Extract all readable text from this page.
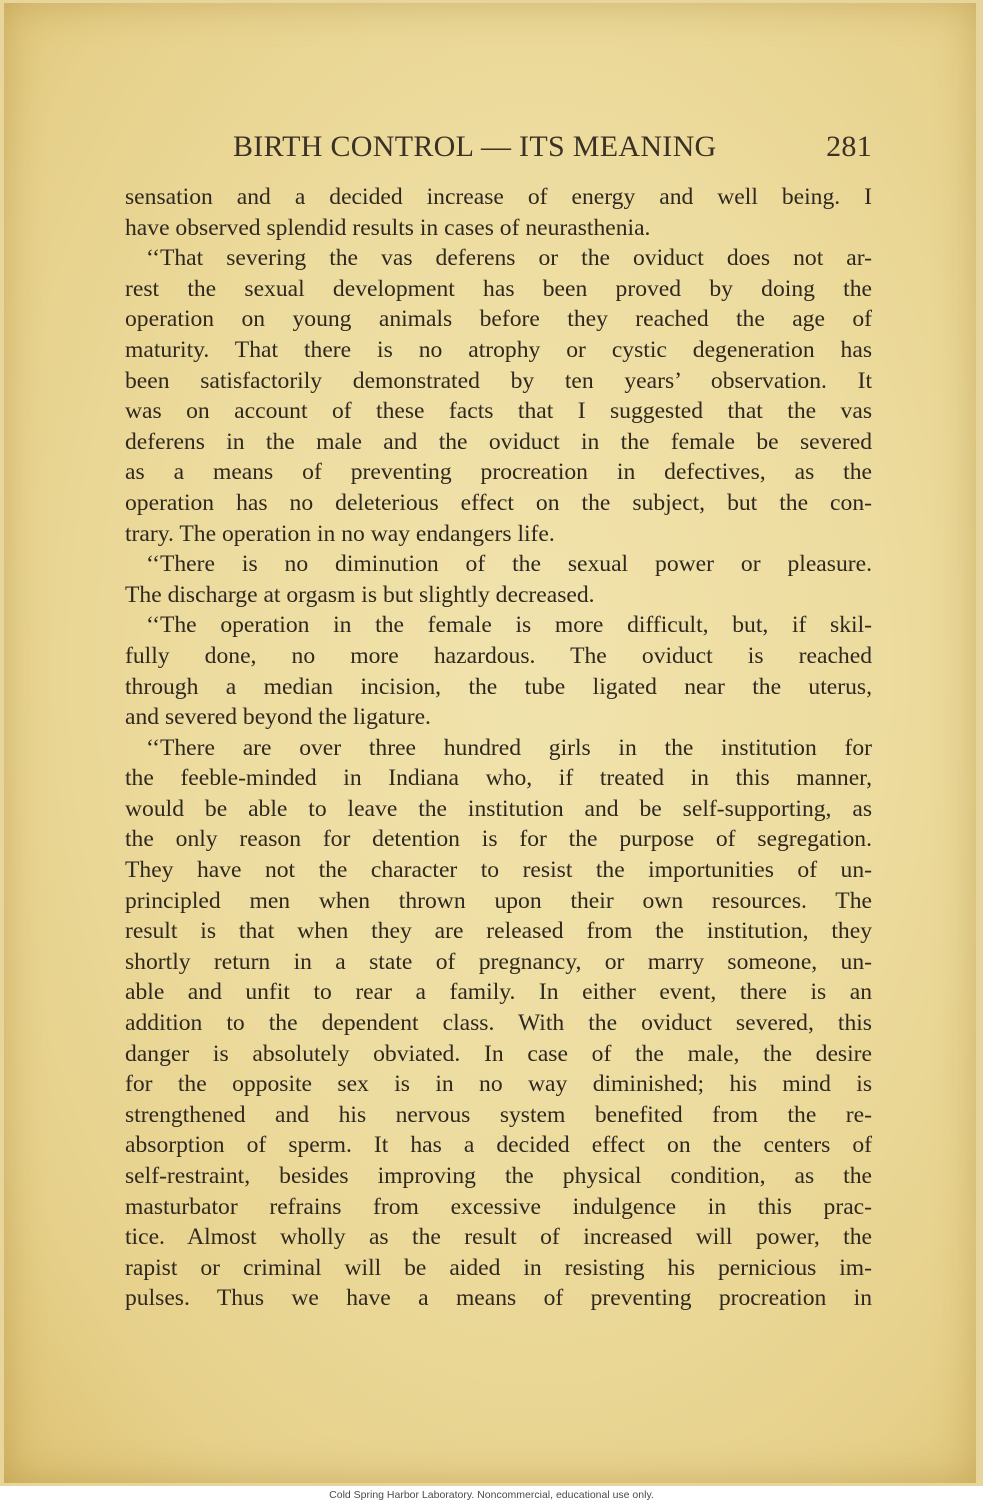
BIRTH CONTROL — ITS MEANING	281
sensation and a decided increase of energy and well being. I
have observed splendid results in cases of neurasthenia.
‘‘That severing the vas deferens or the oviduct does not ar-
rest the sexual development has been proved by doing the
operation on young animals before they reached the age of
maturity. That there is no atrophy or cystic degeneration has
been satisfactorily demonstrated by ten years’ observation. It
was on account of these facts that I suggested that the vas
deferens in the male and the oviduct in the female be severed
as a means of preventing procreation in defectives, as the
operation has no deleterious effect on the subject, but the con-
trary. The operation in no way endangers life.
‘‘There is no diminution of the sexual power or pleasure.
The discharge at orgasm is but slightly decreased.
‘‘The operation in the female is more difficult, but, if skil-
fully done, no more hazardous. The oviduct is reached
through a median incision, the tube ligated near the uterus,
and severed beyond the ligature.
‘‘There are over three hundred girls in the institution for
the feeble-minded in Indiana who, if treated in this manner,
would be able to leave the institution and be self-supporting, as
the only reason for detention is for the purpose of segregation.
They have not the character to resist the importunities of un-
principled men when thrown upon their own resources. The
result is that when they are released from the institution, they
shortly return in a state of pregnancy, or marry someone, un-
able and unfit to rear a family. In either event, there is an
addition to the dependent class. With the oviduct severed, this
danger is absolutely obviated. In case of the male, the desire
for the opposite sex is in no way diminished; his mind is
strengthened and his nervous system benefited from the re-
absorption of sperm. It has a decided effect on the centers of
self-restraint, besides improving the physical condition, as the
masturbator refrains from excessive indulgence in this prac-
tice. Almost wholly as the result of increased will power, the
rapist or criminal will be aided in resisting his pernicious im-
pulses. Thus we have a means of preventing procreation in
Cold Spring Harbor Laboratory. Noncommercial, educational use only.
